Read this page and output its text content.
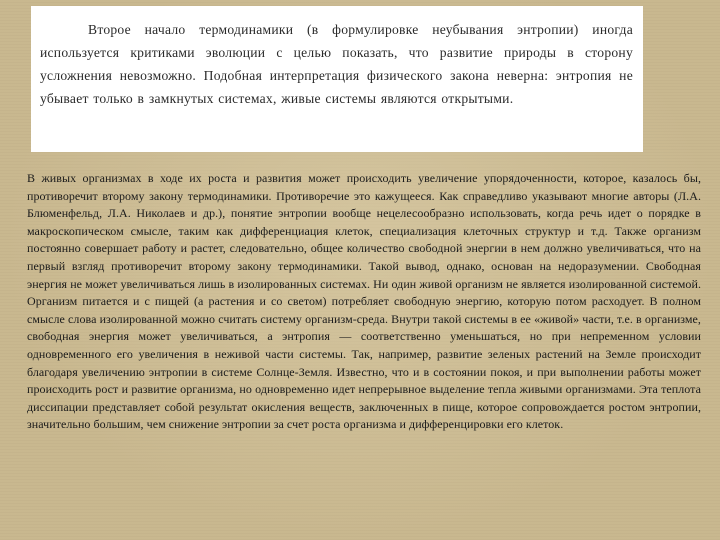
Второе начало термодинамики (в формулировке неубывания энтропии) иногда используется критиками эволюции с целью показать, что развитие природы в сторону усложнения невозможно. Подобная интерпретация физического закона неверна: энтропия не убывает только в замкнутых системах, живые системы являются открытыми.

В живых организмах в ходе их роста и развития может происходить увеличение упорядоченности, которое, казалось бы, противоречит второму закону термодинамики. Противоречие это кажущееся. Как справедливо указывают многие авторы (Л.А. Блюменфельд, Л.А. Николаев и др.), понятие энтропии вообще нецелесообразно использовать, когда речь идет о порядке в макроскопическом смысле, таким как дифференциация клеток, специализация клеточных структур и т.д. Также организм постоянно совершает работу и растет, следовательно, общее количество свободной энергии в нем должно увеличиваться, что на первый взгляд противоречит второму закону термодинамики. Такой вывод, однако, основан на недоразумении. Свободная энергия не может увеличиваться лишь в изолированных системах. Ни один живой организм не является изолированной системой. Организм питается и с пищей (а растения и со светом) потребляет свободную энергию, которую потом расходует. В полном смысле слова изолированной можно считать систему организм-среда. Внутри такой системы в ее «живой» части, т.е. в организме, свободная энергия может увеличиваться, а энтропия — соответственно уменьшаться, но при непременном условии одновременного его увеличения в неживой части системы. Так, например, развитие зеленых растений на Земле происходит благодаря увеличению энтропии в системе Солнце-Земля. Известно, что и в состоянии покоя, и при выполнении работы может происходить рост и развитие организма, но одновременно идет непрерывное выделение тепла живыми организмами. Эта теплота диссипации представляет собой результат окисления веществ, заключенных в пище, которое сопровождается ростом энтропии, значительно большим, чем снижение энтропии за счет роста организма и дифференцировки его клеток.
